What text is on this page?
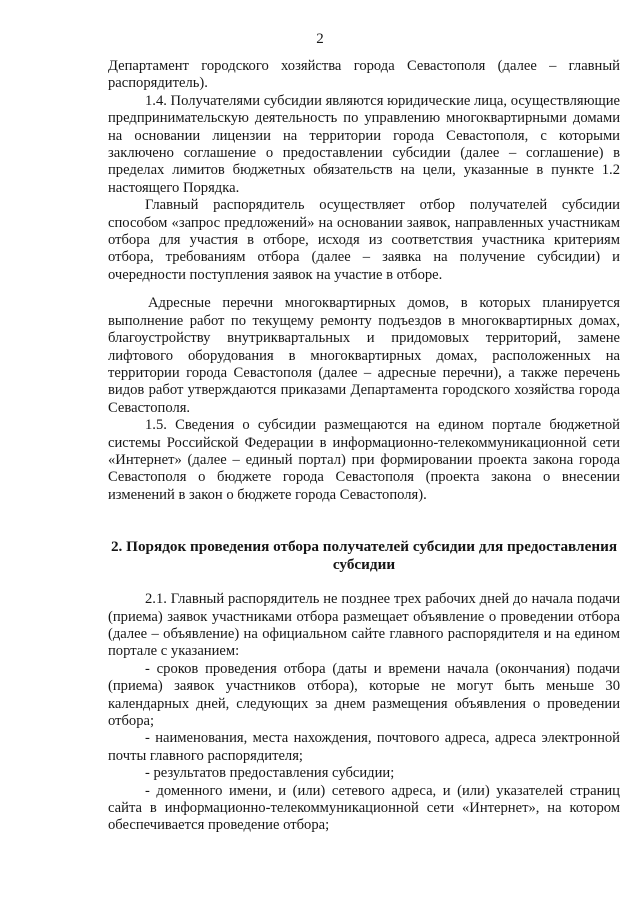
2

Департамент городского хозяйства города Севастополя (далее – главный распорядитель).

1.4. Получателями субсидии являются юридические лица, осуществляющие предпринимательскую деятельность по управлению многоквартирными домами на основании лицензии на территории города Севастополя, с которыми заключено соглашение о предоставлении субсидии (далее – соглашение) в пределах лимитов бюджетных обязательств на цели, указанные в пункте 1.2 настоящего Порядка.

Главный распорядитель осуществляет отбор получателей субсидии способом «запрос предложений» на основании заявок, направленных участникам отбора для участия в отборе, исходя из соответствия участника критериям отбора, требованиям отбора (далее – заявка на получение субсидии) и очередности поступления заявок на участие в отборе.

Адресные перечни многоквартирных домов, в которых планируется выполнение работ по текущему ремонту подъездов в многоквартирных домах, благоустройству внутриквартальных и придомовых территорий, замене лифтового оборудования в многоквартирных домах, расположенных на территории города Севастополя (далее – адресные перечни), а также перечень видов работ утверждаются приказами Департамента городского хозяйства города Севастополя.

1.5. Сведения о субсидии размещаются на едином портале бюджетной системы Российской Федерации в информационно-телекоммуникационной сети «Интернет» (далее – единый портал) при формировании проекта закона города Севастополя о бюджете города Севастополя (проекта закона о внесении изменений в закон о бюджете города Севастополя).

2. Порядок проведения отбора получателей субсидии для предоставления субсидии

2.1. Главный распорядитель не позднее трех рабочих дней до начала подачи (приема) заявок участниками отбора размещает объявление о проведении отбора (далее – объявление) на официальном сайте главного распорядителя и на едином портале с указанием:

- сроков проведения отбора (даты и времени начала (окончания) подачи (приема) заявок участников отбора), которые не могут быть меньше 30 календарных дней, следующих за днем размещения объявления о проведении отбора;

- наименования, места нахождения, почтового адреса, адреса электронной почты главного распорядителя;

- результатов предоставления субсидии;

- доменного имени, и (или) сетевого адреса, и (или) указателей страниц сайта в информационно-телекоммуникационной сети «Интернет», на котором обеспечивается проведение отбора;
